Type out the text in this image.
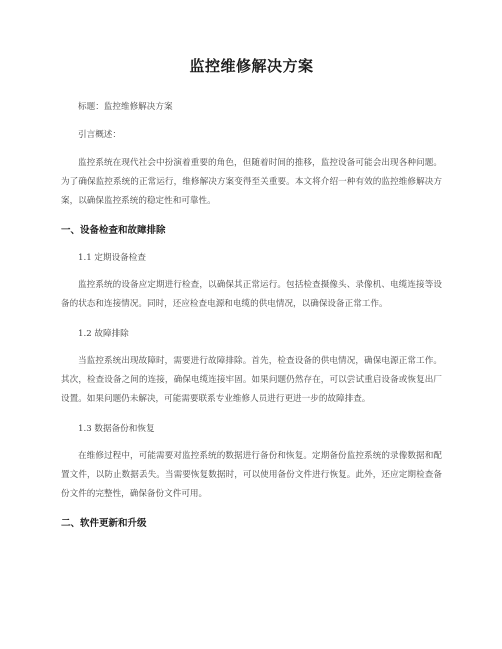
监控维修解决方案

标题：监控维修解决方案

引言概述：

监控系统在现代社会中扮演着重要的角色，但随着时间的推移，监控设备可能会出现各种问题。为了确保监控系统的正常运行，维修解决方案变得至关重要。本文将介绍一种有效的监控维修解决方案，以确保监控系统的稳定性和可靠性。

一、设备检查和故障排除

1.1 定期设备检查

监控系统的设备应定期进行检查，以确保其正常运行。包括检查摄像头、录像机、电缆连接等设备的状态和连接情况。同时，还应检查电源和电缆的供电情况，以确保设备正常工作。

1.2 故障排除

当监控系统出现故障时，需要进行故障排除。首先，检查设备的供电情况，确保电源正常工作。其次，检查设备之间的连接，确保电缆连接牢固。如果问题仍然存在，可以尝试重启设备或恢复出厂设置。如果问题仍未解决，可能需要联系专业维修人员进行更进一步的故障排查。

1.3 数据备份和恢复

在维修过程中，可能需要对监控系统的数据进行备份和恢复。定期备份监控系统的录像数据和配置文件，以防止数据丢失。当需要恢复数据时，可以使用备份文件进行恢复。此外，还应定期检查备份文件的完整性，确保备份文件可用。

二、软件更新和升级
